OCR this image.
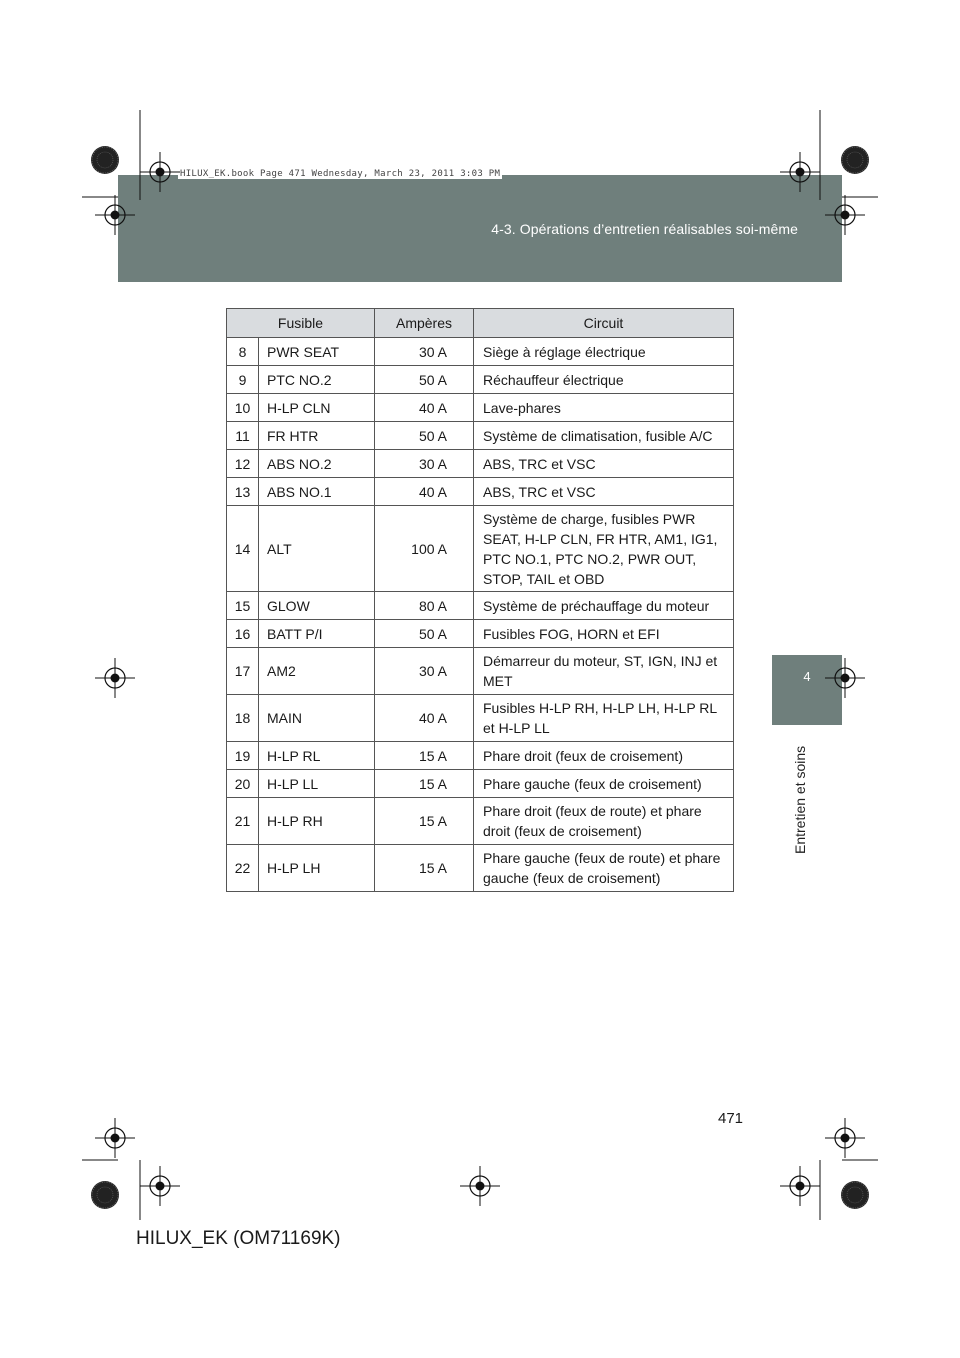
4-3. Opérations d’entretien réalisables soi-même
HILUX_EK.book Page 471 Wednesday, March 23, 2011 3:03 PM
4
Entretien et soins
Fusible		Ampères	Circuit
8	PWR SEAT	30 A	Siège à réglage électrique
9	PTC NO.2	50 A	Réchauffeur électrique
10	H-LP CLN	40 A	Lave-phares
11	FR HTR	50 A	Système de climatisation, fusible A/C
12	ABS NO.2	30 A	ABS, TRC et VSC
13	ABS NO.1	40 A	ABS, TRC et VSC
14	ALT	100 A	Système de charge, fusibles PWR SEAT, H-LP CLN, FR HTR, AM1, IG1, PTC NO.1, PTC NO.2, PWR OUT, STOP, TAIL et OBD
15	GLOW	80 A	Système de préchauffage du moteur
16	BATT P/I	50 A	Fusibles FOG, HORN et EFI
17	AM2	30 A	Démarreur du moteur, ST, IGN, INJ et MET
18	MAIN	40 A	Fusibles H-LP RH, H-LP LH, H-LP RL et H-LP LL
19	H-LP RL	15 A	Phare droit (feux de croisement)
20	H-LP LL	15 A	Phare gauche (feux de croisement)
21	H-LP RH	15 A	Phare droit (feux de route) et phare droit (feux de croisement)
22	H-LP LH	15 A	Phare gauche (feux de route) et phare gauche (feux de croisement)
471
HILUX_EK (OM71169K)
